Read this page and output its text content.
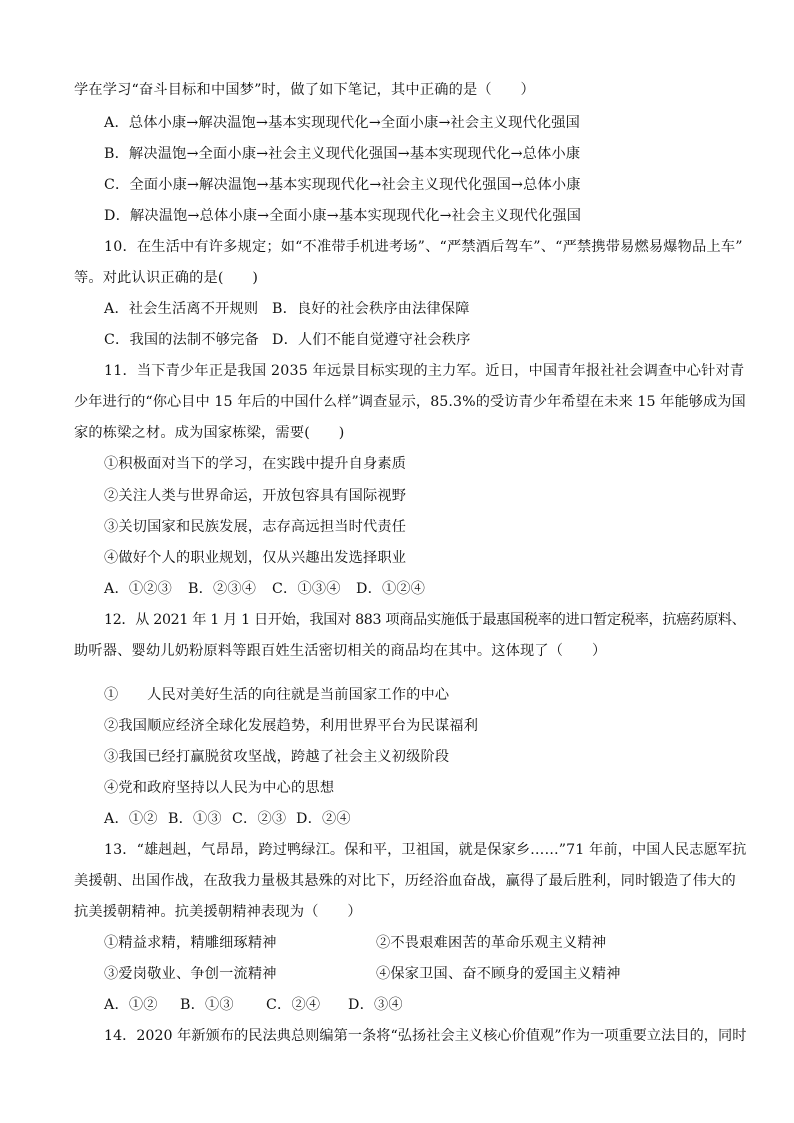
学在学习“奋斗目标和中国梦”时，做了如下笔记，其中正确的是（　　）
A．总体小康→解决温饱→基本实现现代化→全面小康→社会主义现代化强国
B．解决温饱→全面小康→社会主义现代化强国→基本实现现代化→总体小康
C．全面小康→解决温饱→基本实现现代化→社会主义现代化强国→总体小康
D．解决温饱→总体小康→全面小康→基本实现现代化→社会主义现代化强国
10．在生活中有许多规定；如“不准带手机进考场”、“严禁酒后驾车”、“严禁携带易燃易爆物品上车”
等。对此认识正确的是(　　)
A．社会生活离不开规则 B．良好的社会秩序由法律保障
C．我国的法制不够完备 D．人们不能自觉遵守社会秩序
11．当下青少年正是我国 2035 年远景目标实现的主力军。近日，中国青年报社社会调查中心针对青
少年进行的“你心目中 15 年后的中国什么样”调查显示，85.3%的受访青少年希望在未来 15 年能够成为国
家的栋梁之材。成为国家栋梁，需要(　　)
①积极面对当下的学习，在实践中提升自身素质
②关注人类与世界命运，开放包容具有国际视野
③关切国家和民族发展，志存高远担当时代责任
④做好个人的职业规划，仅从兴趣出发选择职业
A．①②③ B．②③④ C．①③④ D．①②④
12．从 2021 年 1 月 1 日开始，我国对 883 项商品实施低于最惠国税率的进口暂定税率，抗癌药原料、
助听器、婴幼儿奶粉原料等跟百姓生活密切相关的商品均在其中。这体现了（　　）
①　　人民对美好生活的向往就是当前国家工作的中心
②我国顺应经济全球化发展趋势，利用世界平台为民谋福利
③我国已经打赢脱贫攻坚战，跨越了社会主义初级阶段
④党和政府坚持以人民为中心的思想
A．①② B．①③ C．②③ D．②④
13．“雄赳赳，气昂昂，跨过鸭绿江。保和平，卫祖国，就是保家乡……”71 年前，中国人民志愿军抗
美援朝、出国作战，在敌我力量极其悬殊的对比下，历经浴血奋战，赢得了最后胜利，同时锻造了伟大的
抗美援朝精神。抗美援朝精神表现为（　　）
①精益求精，精雕细琢精神	②不畏艰难困苦的革命乐观主义精神
③爱岗敬业、争创一流精神	④保家卫国、奋不顾身的爱国主义精神
A．①② B．①③ C．②④ D．③④
14．2020 年新颁布的民法典总则编第一条将“弘扬社会主义核心价值观”作为一项重要立法目的，同时
